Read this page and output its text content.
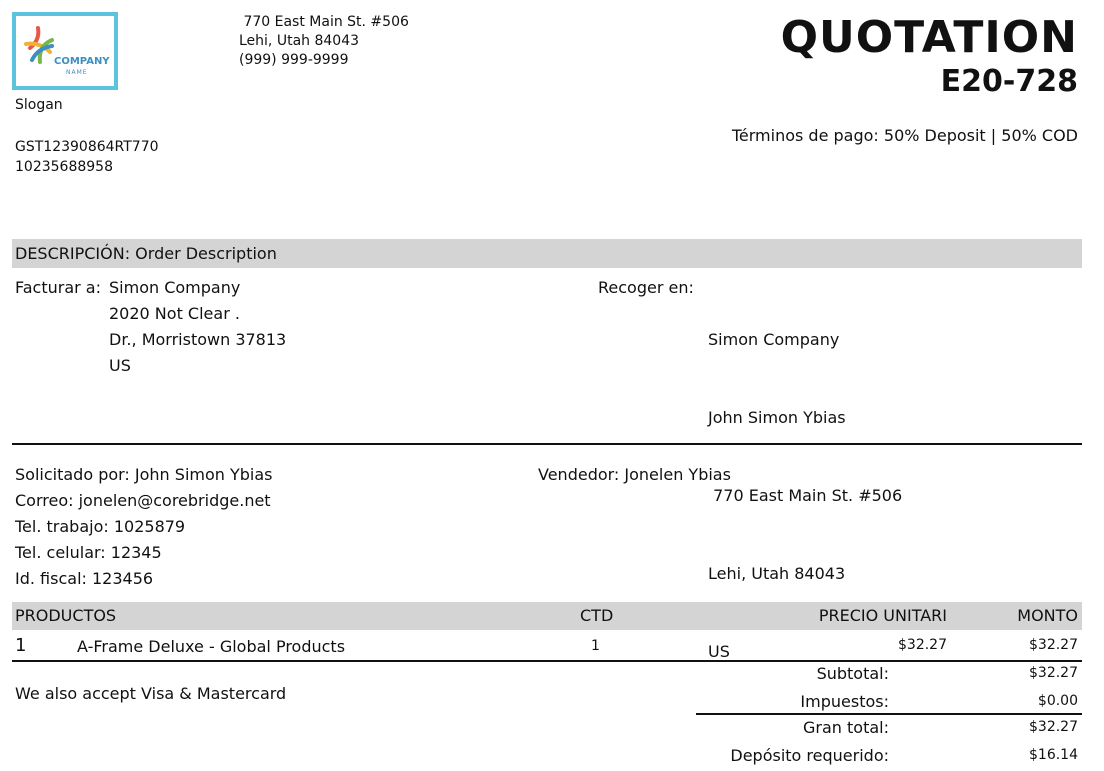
COMPANY
NAME
Slogan
GST12390864RT770
10235688958
770 East Main St. #506
Lehi, Utah 84043
(999) 999-9999	QUOTATION
E20-728
Términos de pago: 50% Deposit | 50% COD
DESCRIPCIÓN: Order Description
Facturar a: Simon Company
2020 Not Clear .
Dr., Morristown 37813
US
Recoger en:

Simon Company

John Simon Ybias

770 East Main St. #506

Lehi, Utah 84043

US

Solicitado por: John Simon Ybias
Correo: jonelen@corebridge.net
Tel. trabajo: 1025879
Tel. celular: 12345
Id. fiscal: 123456
Vendedor: Jonelen Ybias
PRODUCTOS	CTD	PRECIO UNITARI	MONTO
1	A-Frame Deluxe - Global Products	1	$32.27	$32.27
We also accept Visa & Mastercard
Subtotal:	$32.27
Impuestos:	$0.00
Gran total:	$32.27
Depósito requerido:	$16.14
